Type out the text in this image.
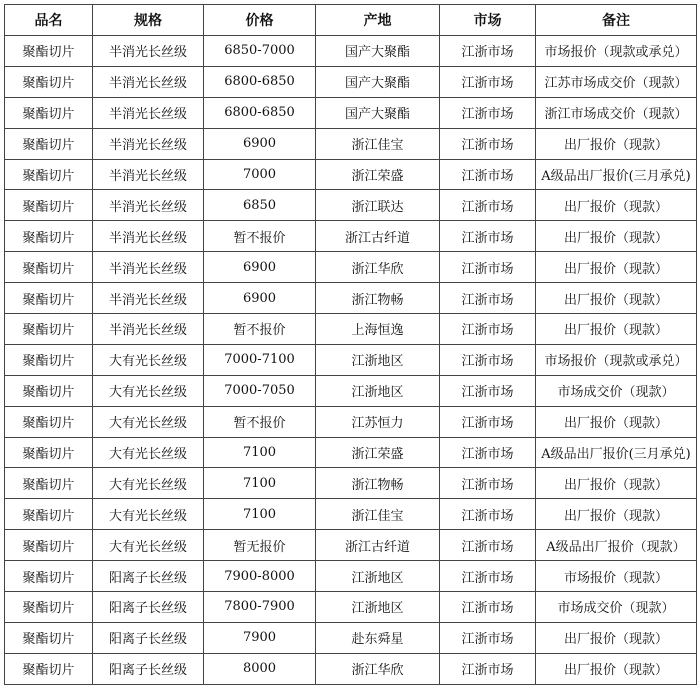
品名	规格	价格	产地	市场	备注
聚酯切片	半消光长丝级	6850-7000	国产大聚酯	江浙市场	市场报价（现款或承兑）
聚酯切片	半消光长丝级	6800-6850	国产大聚酯	江浙市场	江苏市场成交价（现款）
聚酯切片	半消光长丝级	6800-6850	国产大聚酯	江浙市场	浙江市场成交价（现款）
聚酯切片	半消光长丝级	6900	浙江佳宝	江浙市场	出厂报价（现款）
聚酯切片	半消光长丝级	7000	浙江荣盛	江浙市场	A级品出厂报价(三月承兑)
聚酯切片	半消光长丝级	6850	浙江联达	江浙市场	出厂报价（现款）
聚酯切片	半消光长丝级	暂不报价	浙江古纤道	江浙市场	出厂报价（现款）
聚酯切片	半消光长丝级	6900	浙江华欣	江浙市场	出厂报价（现款）
聚酯切片	半消光长丝级	6900	浙江物畅	江浙市场	出厂报价（现款）
聚酯切片	半消光长丝级	暂不报价	上海恒逸	江浙市场	出厂报价（现款）
聚酯切片	大有光长丝级	7000-7100	江浙地区	江浙市场	市场报价（现款或承兑）
聚酯切片	大有光长丝级	7000-7050	江浙地区	江浙市场	市场成交价（现款）
聚酯切片	大有光长丝级	暂不报价	江苏恒力	江浙市场	出厂报价（现款）
聚酯切片	大有光长丝级	7100	浙江荣盛	江浙市场	A级品出厂报价(三月承兑)
聚酯切片	大有光长丝级	7100	浙江物畅	江浙市场	出厂报价（现款）
聚酯切片	大有光长丝级	7100	浙江佳宝	江浙市场	出厂报价（现款）
聚酯切片	大有光长丝级	暂无报价	浙江古纤道	江浙市场	A级品出厂报价（现款）
聚酯切片	阳离子长丝级	7900-8000	江浙地区	江浙市场	市场报价（现款）
聚酯切片	阳离子长丝级	7800-7900	江浙地区	江浙市场	市场成交价（现款）
聚酯切片	阳离子长丝级	7900	赴东舜星	江浙市场	出厂报价（现款）
聚酯切片	阳离子长丝级	8000	浙江华欣	江浙市场	出厂报价（现款）
